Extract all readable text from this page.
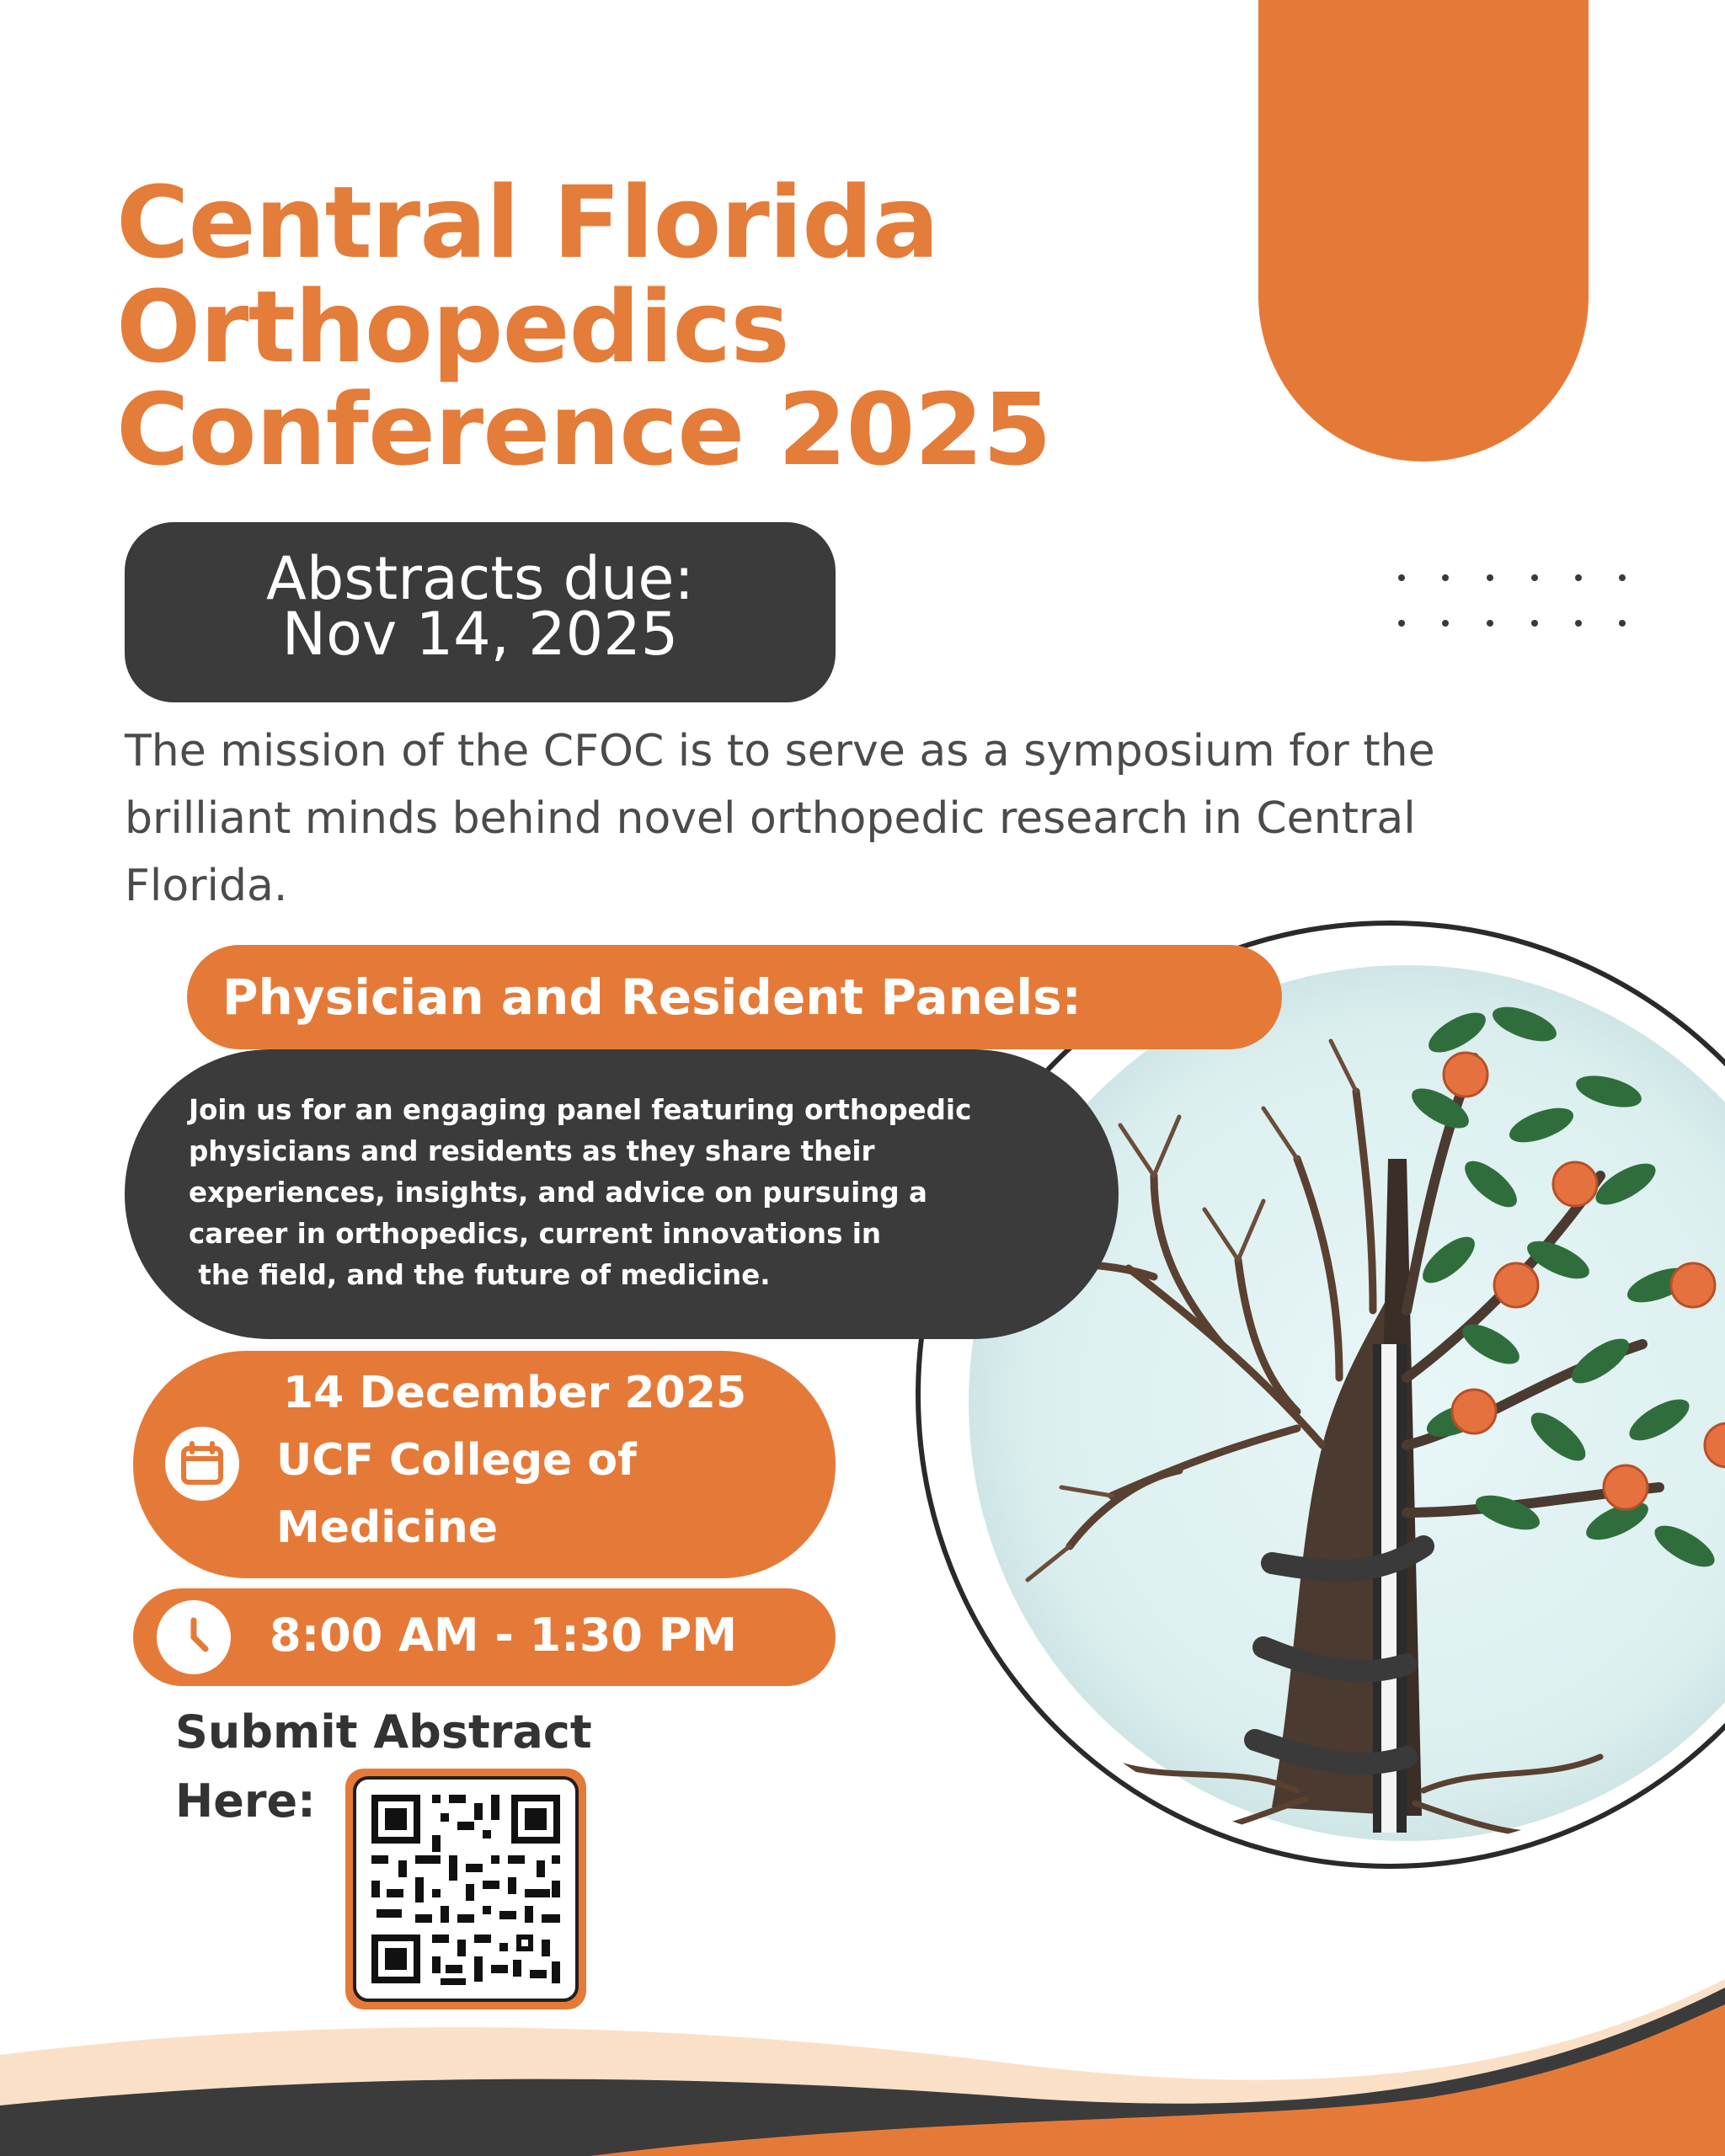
Central Florida
Orthopedics
Conference 2025
Abstracts due:
Nov 14, 2025
The mission of the CFOC is to serve as a symposium for the
brilliant minds behind novel orthopedic research in Central
Florida.
Physician and Resident Panels:
Join us for an engaging panel featuring orthopedic
physicians and residents as they share their
experiences, insights, and advice on pursuing a
career in orthopedics, current innovations in
the field, and the future of medicine.
14 December 2025
UCF College of
Medicine
8:00 AM - 1:30 PM
Submit Abstract
Here:
